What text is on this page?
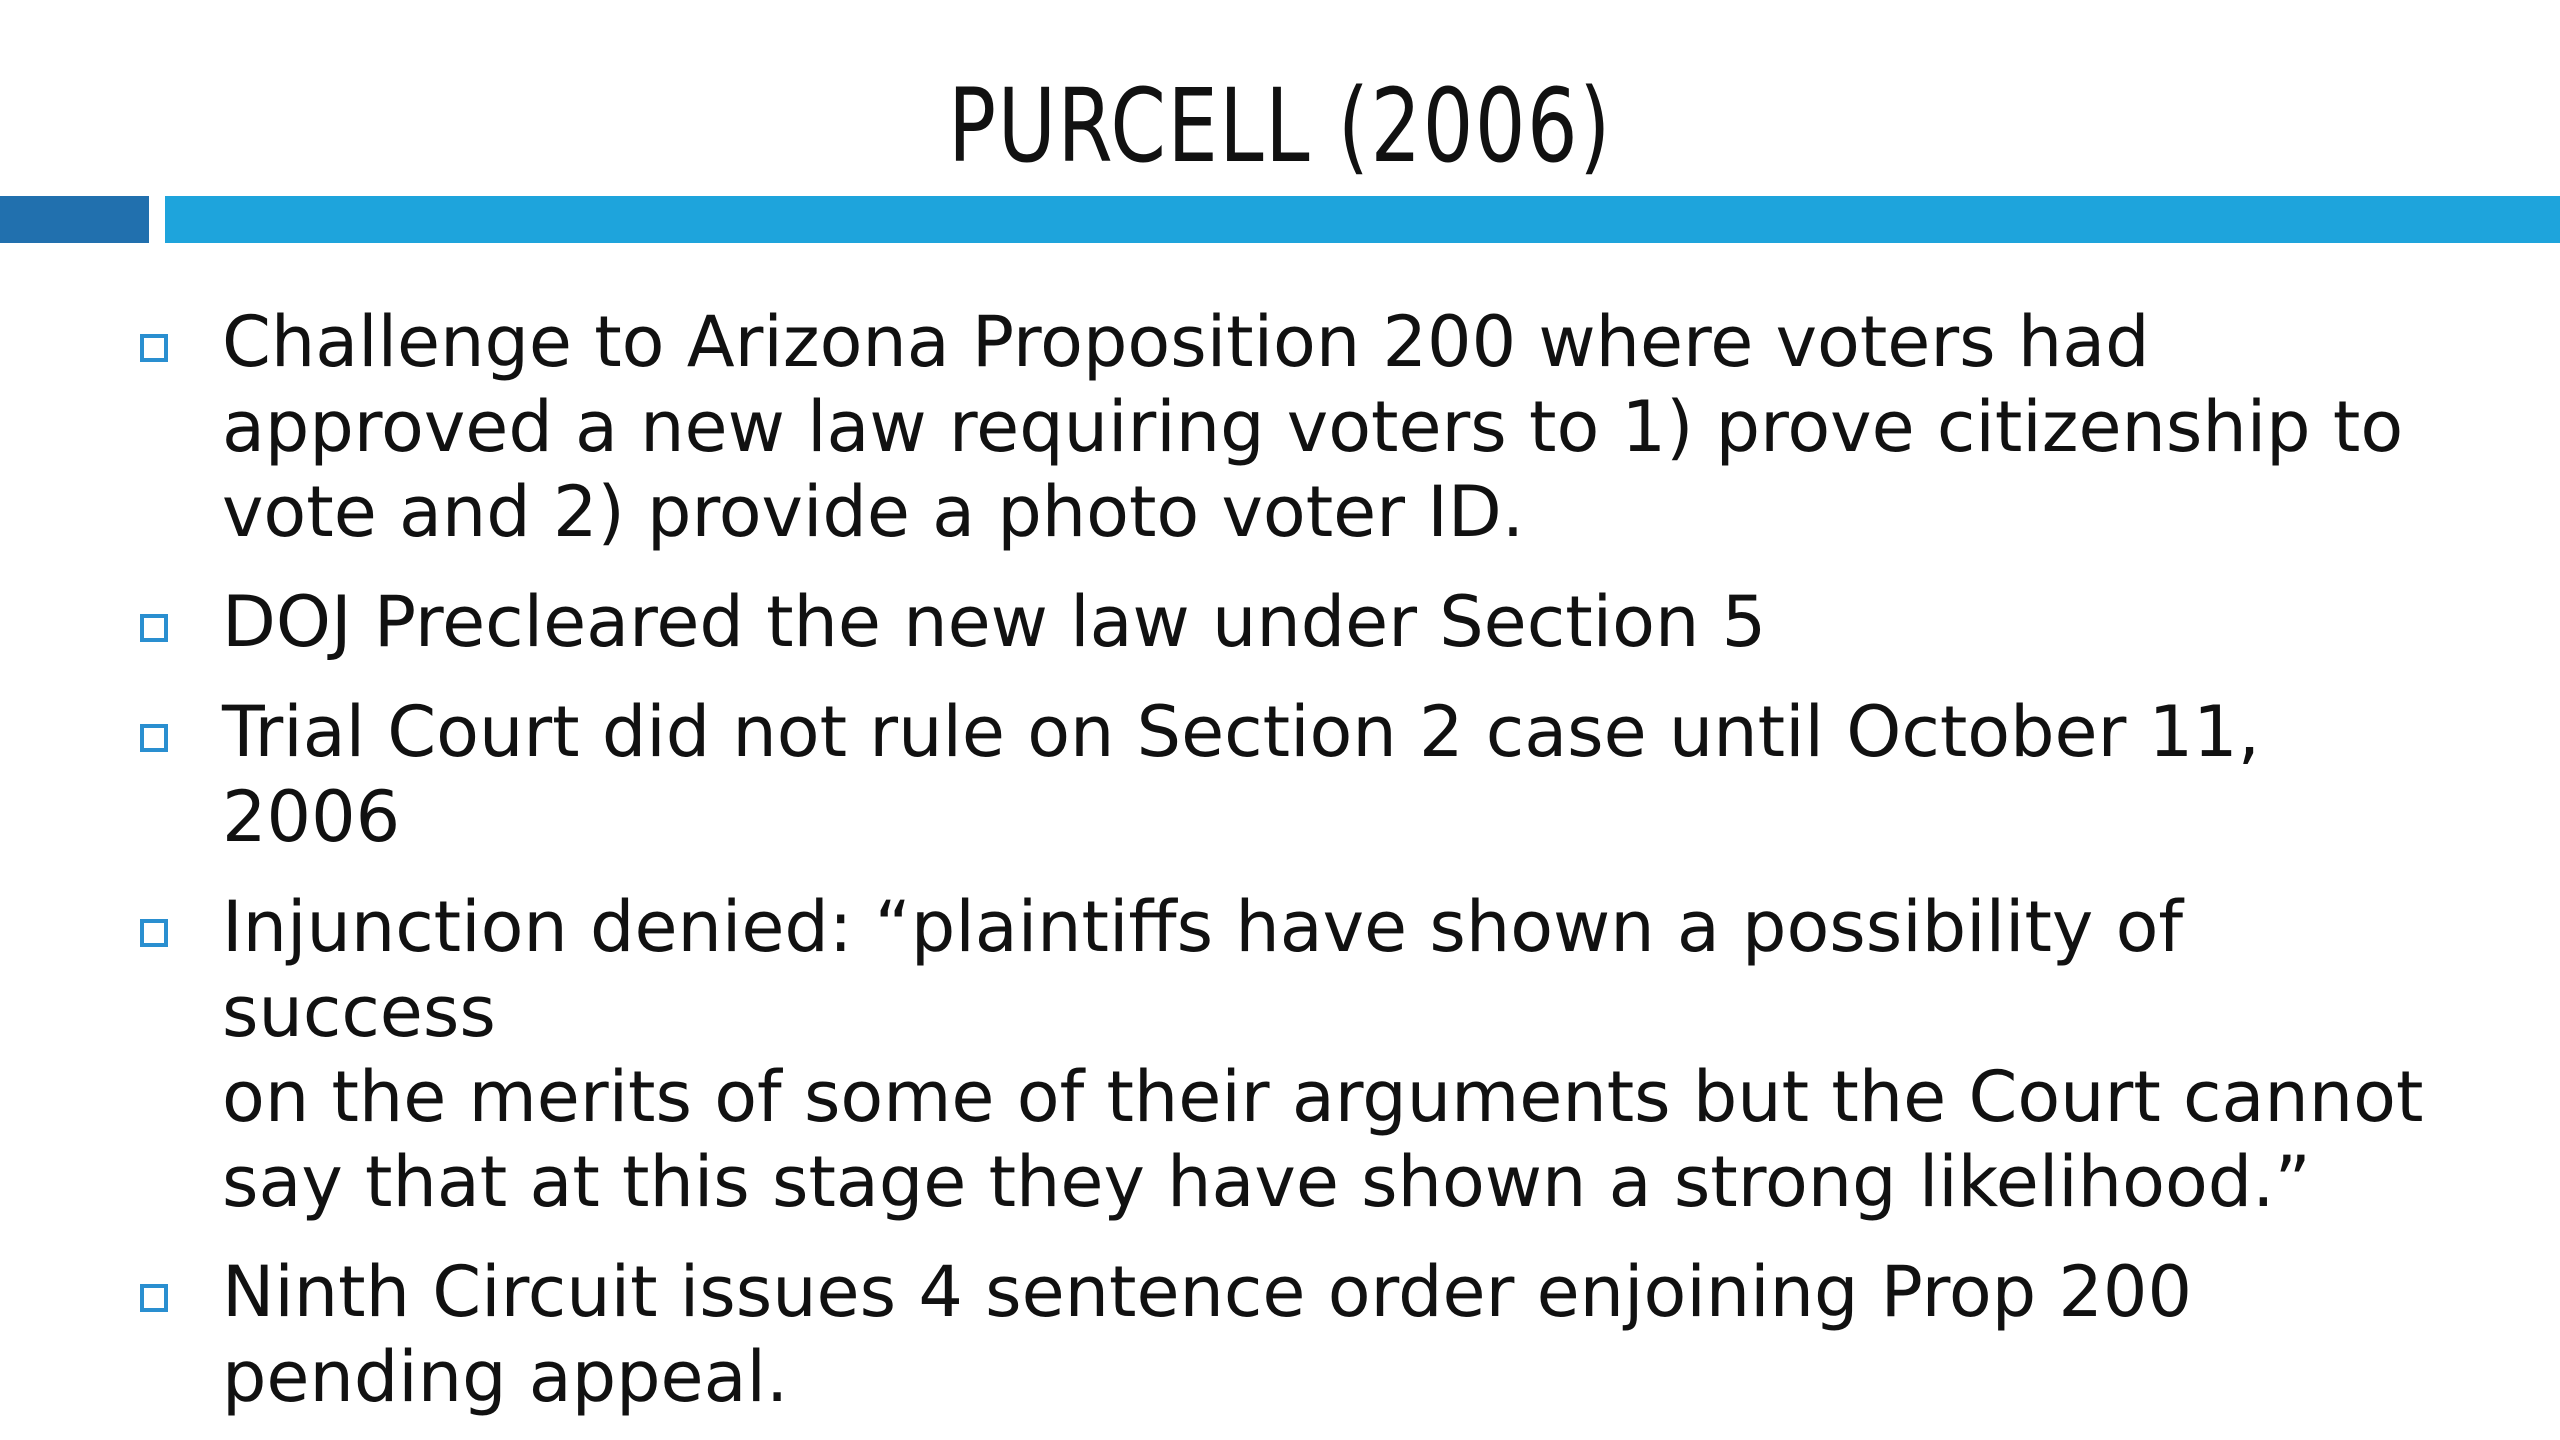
PURCELL (2006)
Challenge to Arizona Proposition 200 where voters had
approved a new law requiring voters to 1) prove citizenship to
vote and 2) provide a photo voter ID.
DOJ Precleared the new law under Section 5
Trial Court did not rule on Section 2 case until October 11,
2006
Injunction denied: “plaintiffs have shown a possibility of success
on the merits of some of their arguments but the Court cannot
say that at this stage they have shown a strong likelihood.”
Ninth Circuit issues 4 sentence order enjoining Prop 200
pending appeal.
